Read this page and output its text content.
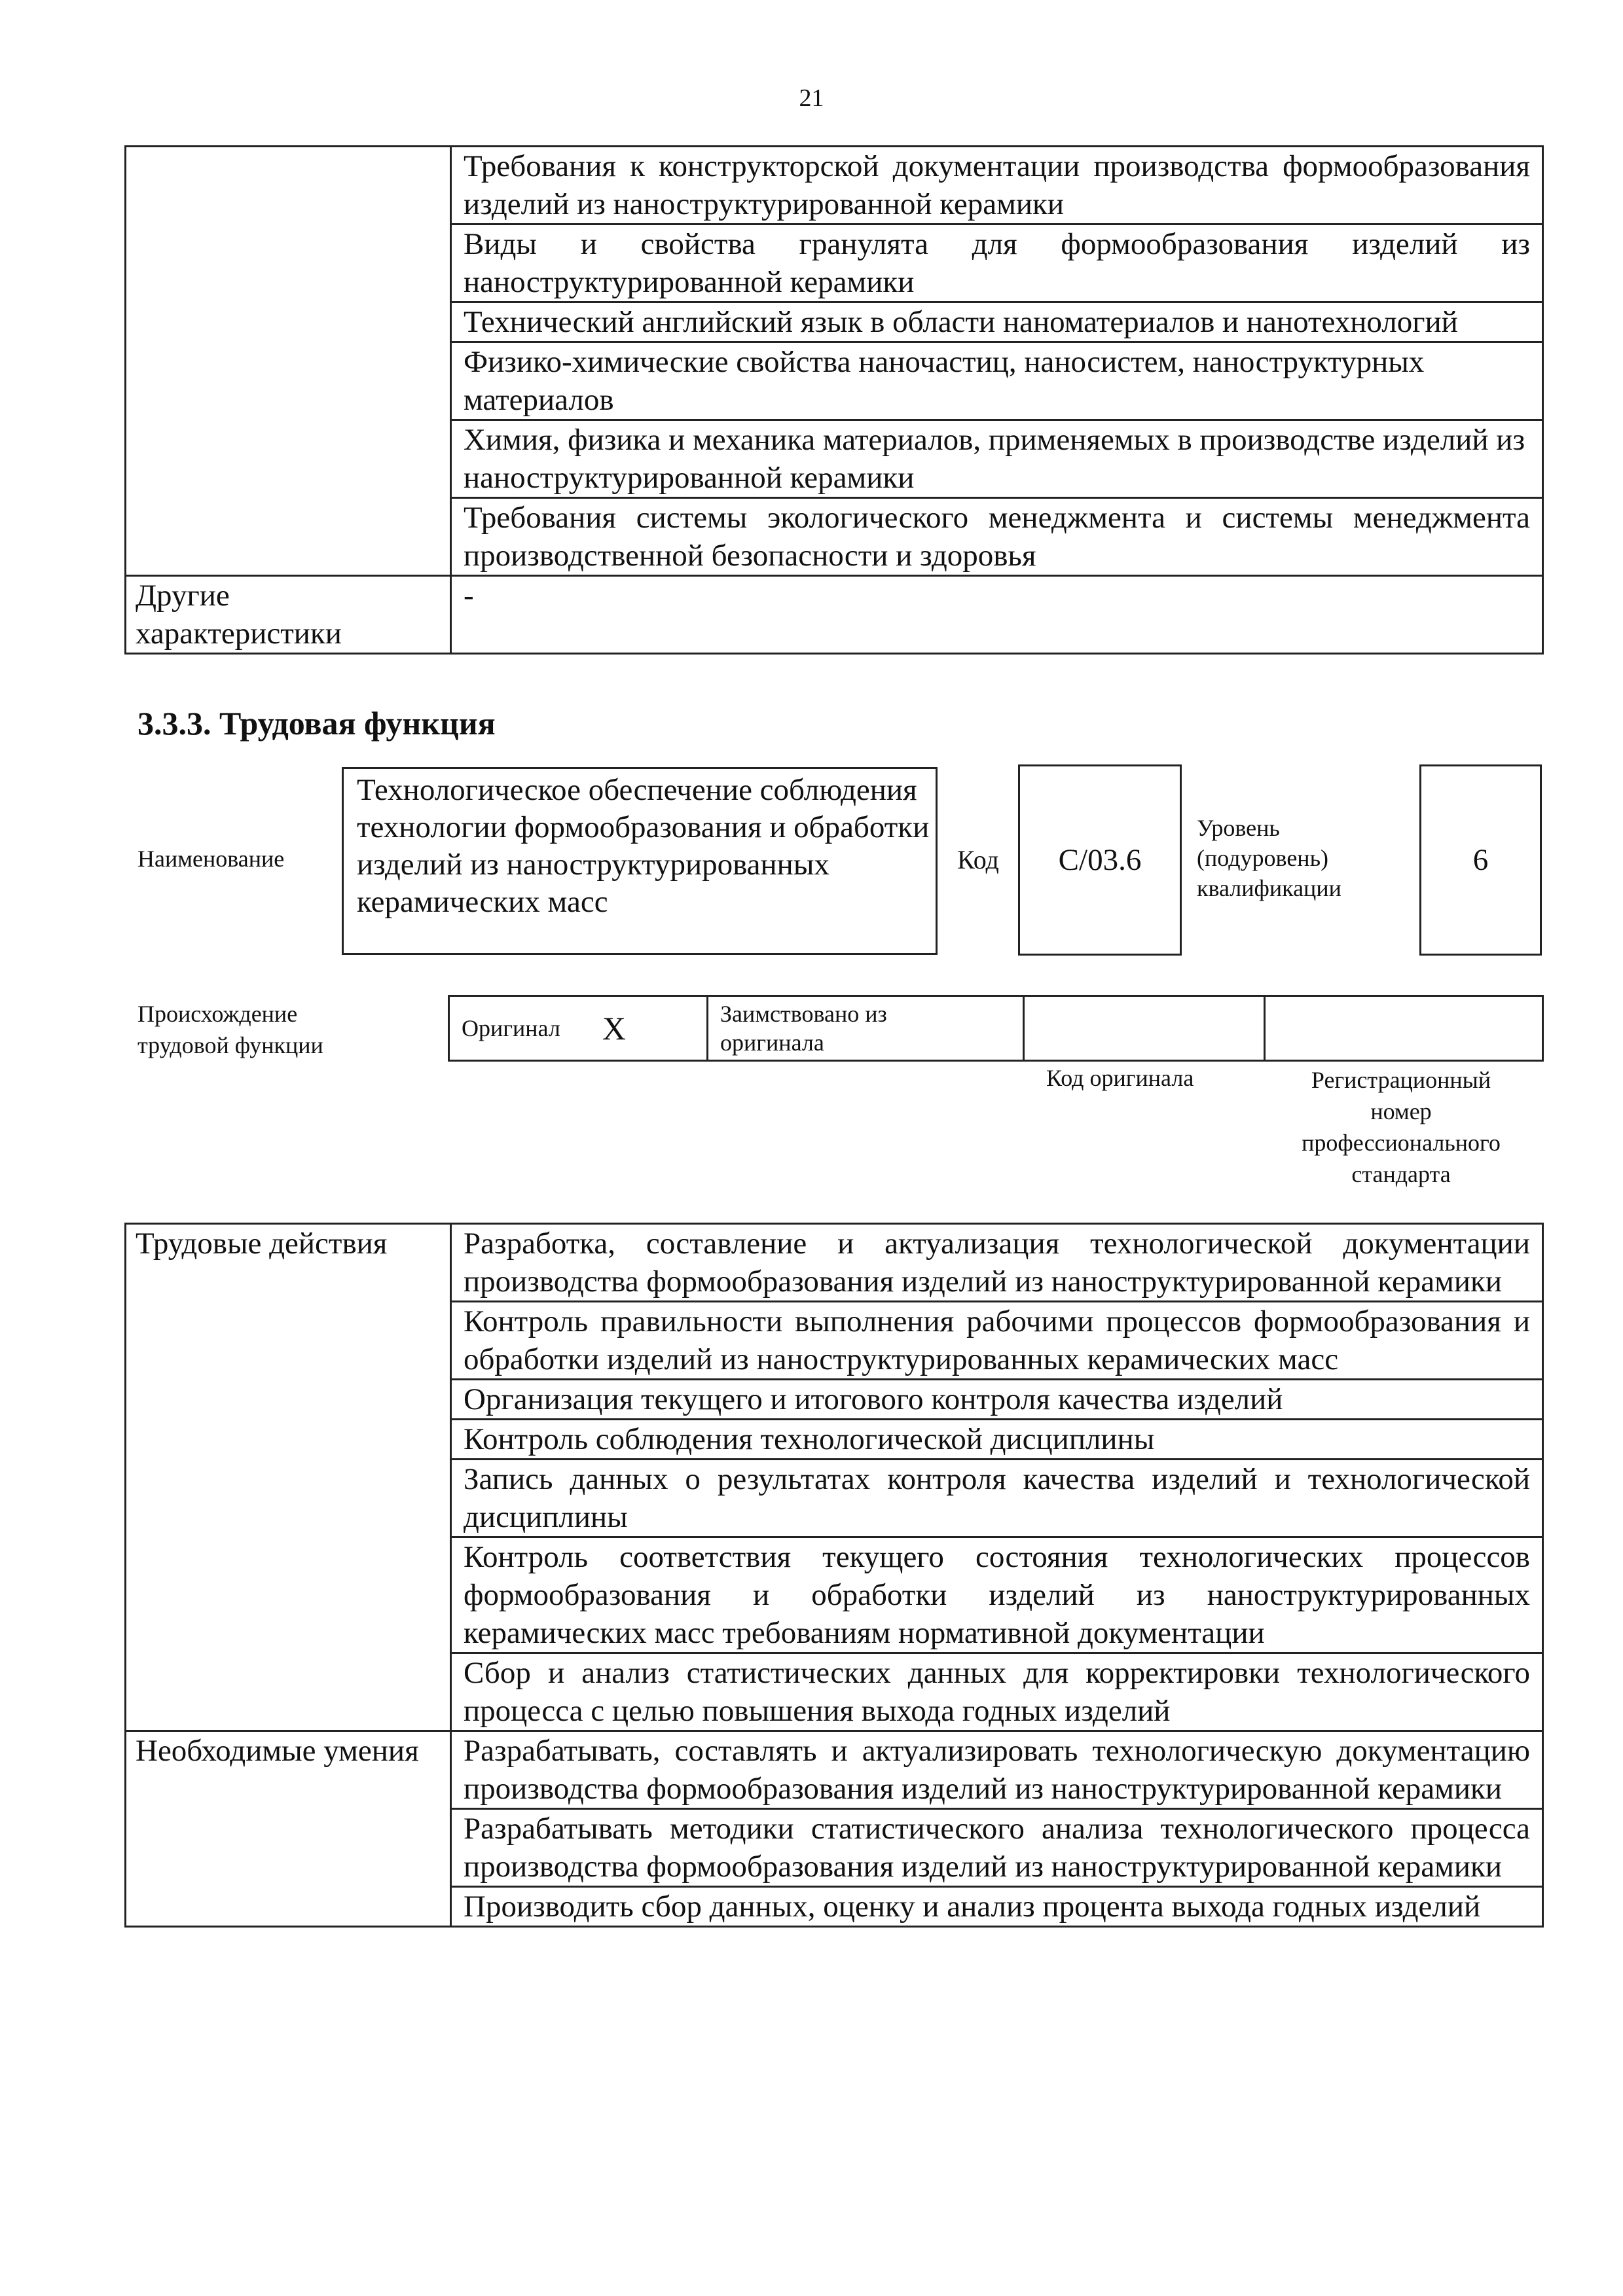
21
	Требования к конструкторской документации производства формообразования изделий из наноструктурированной керамики
	Виды и свойства гранулята для формообразования изделий из наноструктурированной керамики
	Технический английский язык в области наноматериалов и нанотехнологий
	Физико-химические свойства наночастиц, наносистем, наноструктурных материалов
	Химия, физика и механика материалов, применяемых в производстве изделий из наноструктурированной керамики
	Требования системы экологического менеджмента и системы менеджмента производственной безопасности и здоровья
Другие характеристики	-
3.3.3. Трудовая функция
Наименование
Технологическое обеспечение соблюдения технологии формообразования и обработки изделий из наноструктурированных керамических масс
Код	С/03.6
Уровень (подуровень) квалификации
6
Происхождение трудовой функции
Оригинал X	Заимствовано из оригинала

Код оригинала	Регистрационный номер профессионального стандарта
Трудовые действия	Разработка, составление и актуализация технологической документации производства формообразования изделий из наноструктурированной керамики
	Контроль правильности выполнения рабочими процессов формообразования и обработки изделий из наноструктурированных керамических масс
	Организация текущего и итогового контроля качества изделий
	Контроль соблюдения технологической дисциплины
	Запись данных о результатах контроля качества изделий и технологической дисциплины
	Контроль соответствия текущего состояния технологических процессов формообразования и обработки изделий из наноструктурированных керамических масс требованиям нормативной документации
	Сбор и анализ статистических данных для корректировки технологического процесса с целью повышения выхода годных изделий
Необходимые умения	Разрабатывать, составлять и актуализировать технологическую документацию производства формообразования изделий из наноструктурированной керамики
	Разрабатывать методики статистического анализа технологического процесса производства формообразования изделий из наноструктурированной керамики
	Производить сбор данных, оценку и анализ процента выхода годных изделий
